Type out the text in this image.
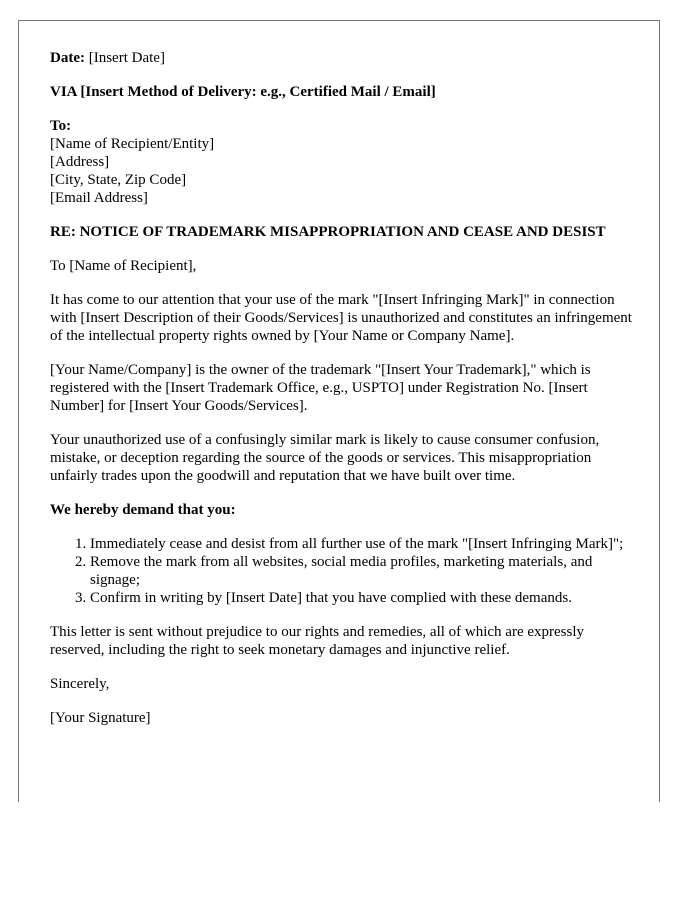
Date: [Insert Date]

VIA [Insert Method of Delivery: e.g., Certified Mail / Email]

To:
[Name of Recipient/Entity]
[Address]
[City, State, Zip Code]
[Email Address]

RE: NOTICE OF TRADEMARK MISAPPROPRIATION AND CEASE AND DESIST

To [Name of Recipient],

It has come to our attention that your use of the mark "[Insert Infringing Mark]" in connection with [Insert Description of their Goods/Services] is unauthorized and constitutes an infringement of the intellectual property rights owned by [Your Name or Company Name].

[Your Name/Company] is the owner of the trademark "[Insert Your Trademark]," which is registered with the [Insert Trademark Office, e.g., USPTO] under Registration No. [Insert Number] for [Insert Your Goods/Services].

Your unauthorized use of a confusingly similar mark is likely to cause consumer confusion, mistake, or deception regarding the source of the goods or services. This misappropriation unfairly trades upon the goodwill and reputation that we have built over time.

We hereby demand that you:

1. Immediately cease and desist from all further use of the mark "[Insert Infringing Mark]";
2. Remove the mark from all websites, social media profiles, marketing materials, and signage;
3. Confirm in writing by [Insert Date] that you have complied with these demands.

This letter is sent without prejudice to our rights and remedies, all of which are expressly reserved, including the right to seek monetary damages and injunctive relief.

Sincerely,

[Your Signature]
